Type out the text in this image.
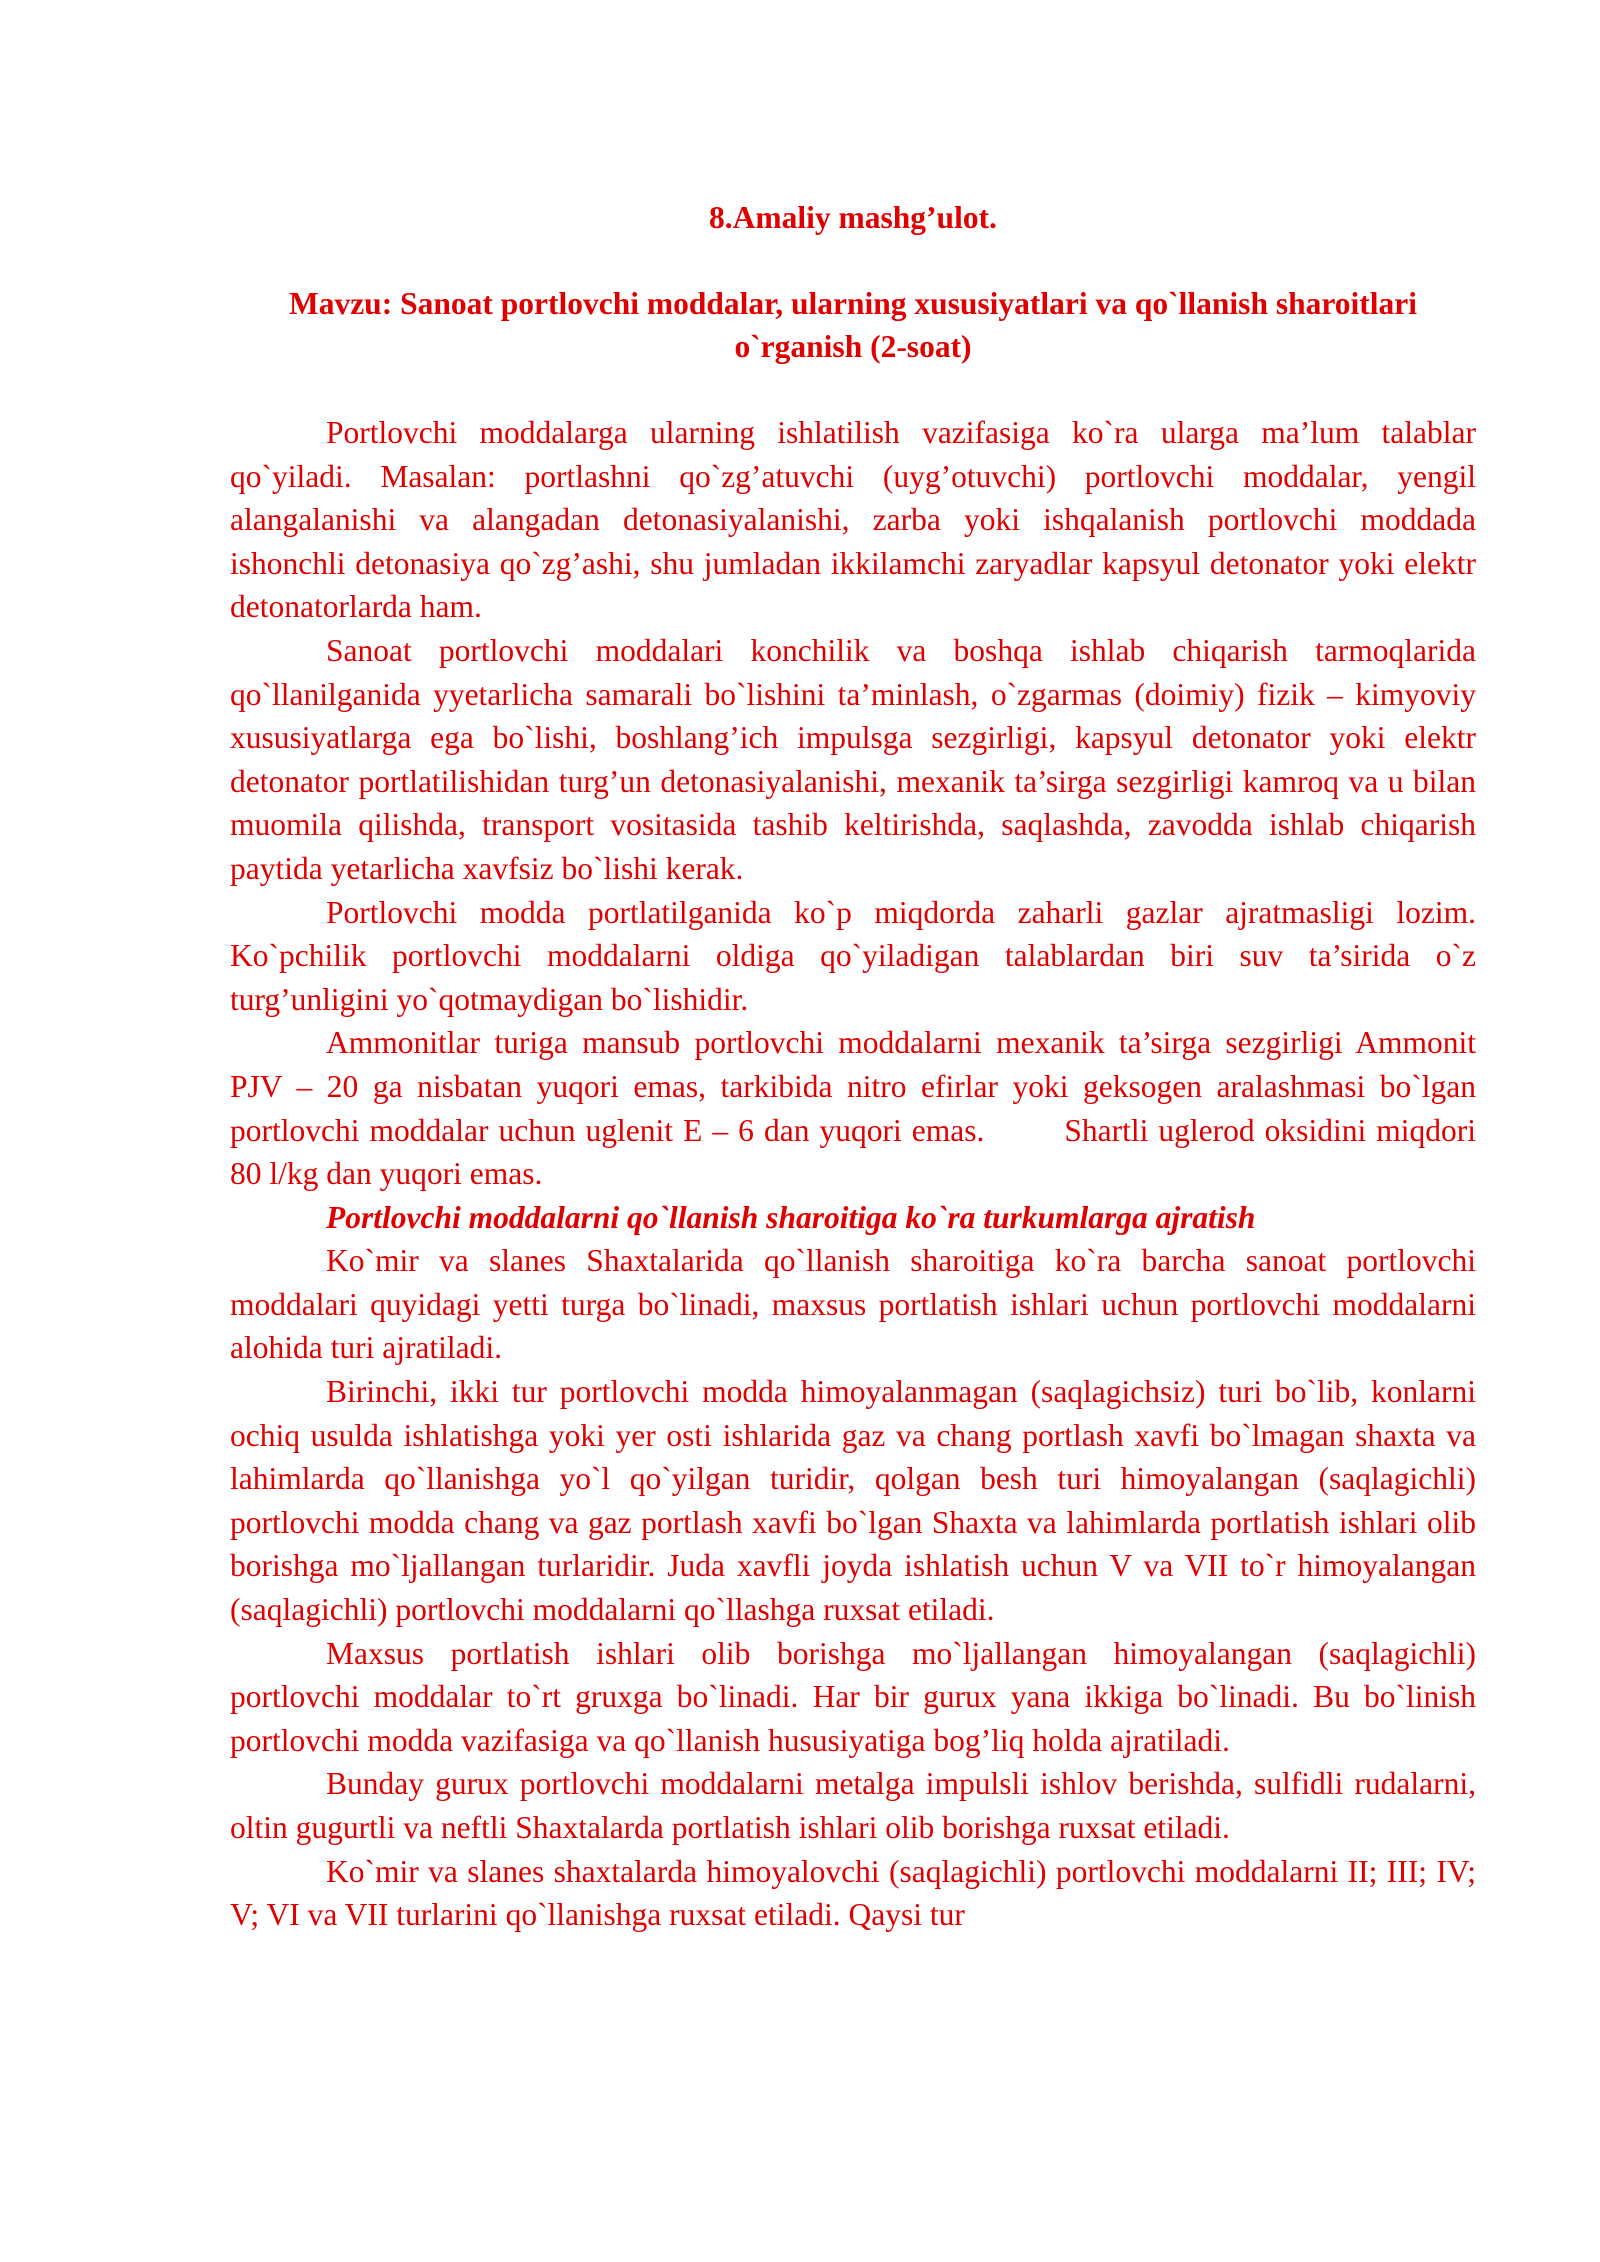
8.Amaliy mashg’ulot.
Mavzu: Sanoat portlovchi moddalar, ularning xususiyatlari va qo`llanish sharoitlari o`rganish (2-soat)

Portlovchi moddalarga ularning ishlatilish vazifasiga ko`ra ularga ma’lum talablar qo`yiladi. Masalan: portlashni qo`zg’atuvchi (uyg’otuvchi) portlovchi moddalar, yengil alangalanishi va alangadan detonasiyalanishi, zarba yoki ishqalanish portlovchi moddada ishonchli detonasiya qo`zg’ashi, shu jumladan ikkilamchi zaryadlar kapsyul detonator yoki elektr detonatorlarda ham.

Sanoat portlovchi moddalari konchilik va boshqa ishlab chiqarish tarmoqlarida qo`llanilganida yyetarlicha samarali bo`lishini ta’minlash, o`zgarmas (doimiy) fizik – kimyoviy xususiyatlarga ega bo`lishi, boshlang’ich impulsga sezgirligi, kapsyul detonator yoki elektr detonator portlatilishidan turg’un detonasiyalanishi, mexanik ta’sirga sezgirligi kamroq va u bilan muomila qilishda, transport vositasida tashib keltirishda, saqlashda, zavodda ishlab chiqarish paytida yetarlicha xavfsiz bo`lishi kerak.

Portlovchi modda portlatilganida ko`p miqdorda zaharli gazlar ajratmasligi lozim. Ko`pchilik portlovchi moddalarni oldiga qo`yiladigan talablardan biri suv ta’sirida o`z turg’unligini yo`qotmaydigan bo`lishidir.

Ammonitlar turiga mansub portlovchi moddalarni mexanik ta’sirga sezgirligi Ammonit PJV – 20 ga nisbatan yuqori emas, tarkibida nitro efirlar yoki geksogen aralashmasi bo`lgan portlovchi moddalar uchun uglenit E – 6 dan yuqori emas.	Shartli uglerod oksidini miqdori 80 l/kg dan yuqori emas.

Portlovchi moddalarni qo`llanish sharoitiga ko`ra turkumlarga ajratish

Ko`mir va slanes Shaxtalarida qo`llanish sharoitiga ko`ra barcha sanoat portlovchi moddalari quyidagi yetti turga bo`linadi, maxsus portlatish ishlari uchun portlovchi moddalarni alohida turi ajratiladi.

Birinchi, ikki tur portlovchi modda himoyalanmagan (saqlagichsiz) turi bo`lib, konlarni ochiq usulda ishlatishga yoki yer osti ishlarida gaz va chang portlash xavfi bo`lmagan shaxta va lahimlarda qo`llanishga yo`l qo`yilgan turidir, qolgan besh turi himoyalangan (saqlagichli) portlovchi modda chang va gaz portlash xavfi bo`lgan Shaxta va lahimlarda portlatish ishlari olib borishga mo`ljallangan turlaridir. Juda xavfli joyda ishlatish uchun V va VII to`r himoyalangan (saqlagichli) portlovchi moddalarni qo`llashga ruxsat etiladi.

Maxsus portlatish ishlari olib borishga mo`ljallangan himoyalangan (saqlagichli) portlovchi moddalar to`rt gruxga bo`linadi. Har bir gurux yana ikkiga bo`linadi. Bu bo`linish portlovchi modda vazifasiga va qo`llanish hususiyatiga bog’liq holda ajratiladi.

Bunday gurux portlovchi moddalarni metalga impulsli ishlov berishda, sulfidli rudalarni, oltin gugurtli va neftli Shaxtalarda portlatish ishlari olib borishga ruxsat etiladi.

Ko`mir va slanes shaxtalarda himoyalovchi (saqlagichli) portlovchi moddalarni II; III; IV; V; VI va VII turlarini qo`llanishga ruxsat etiladi. Qaysi tur
